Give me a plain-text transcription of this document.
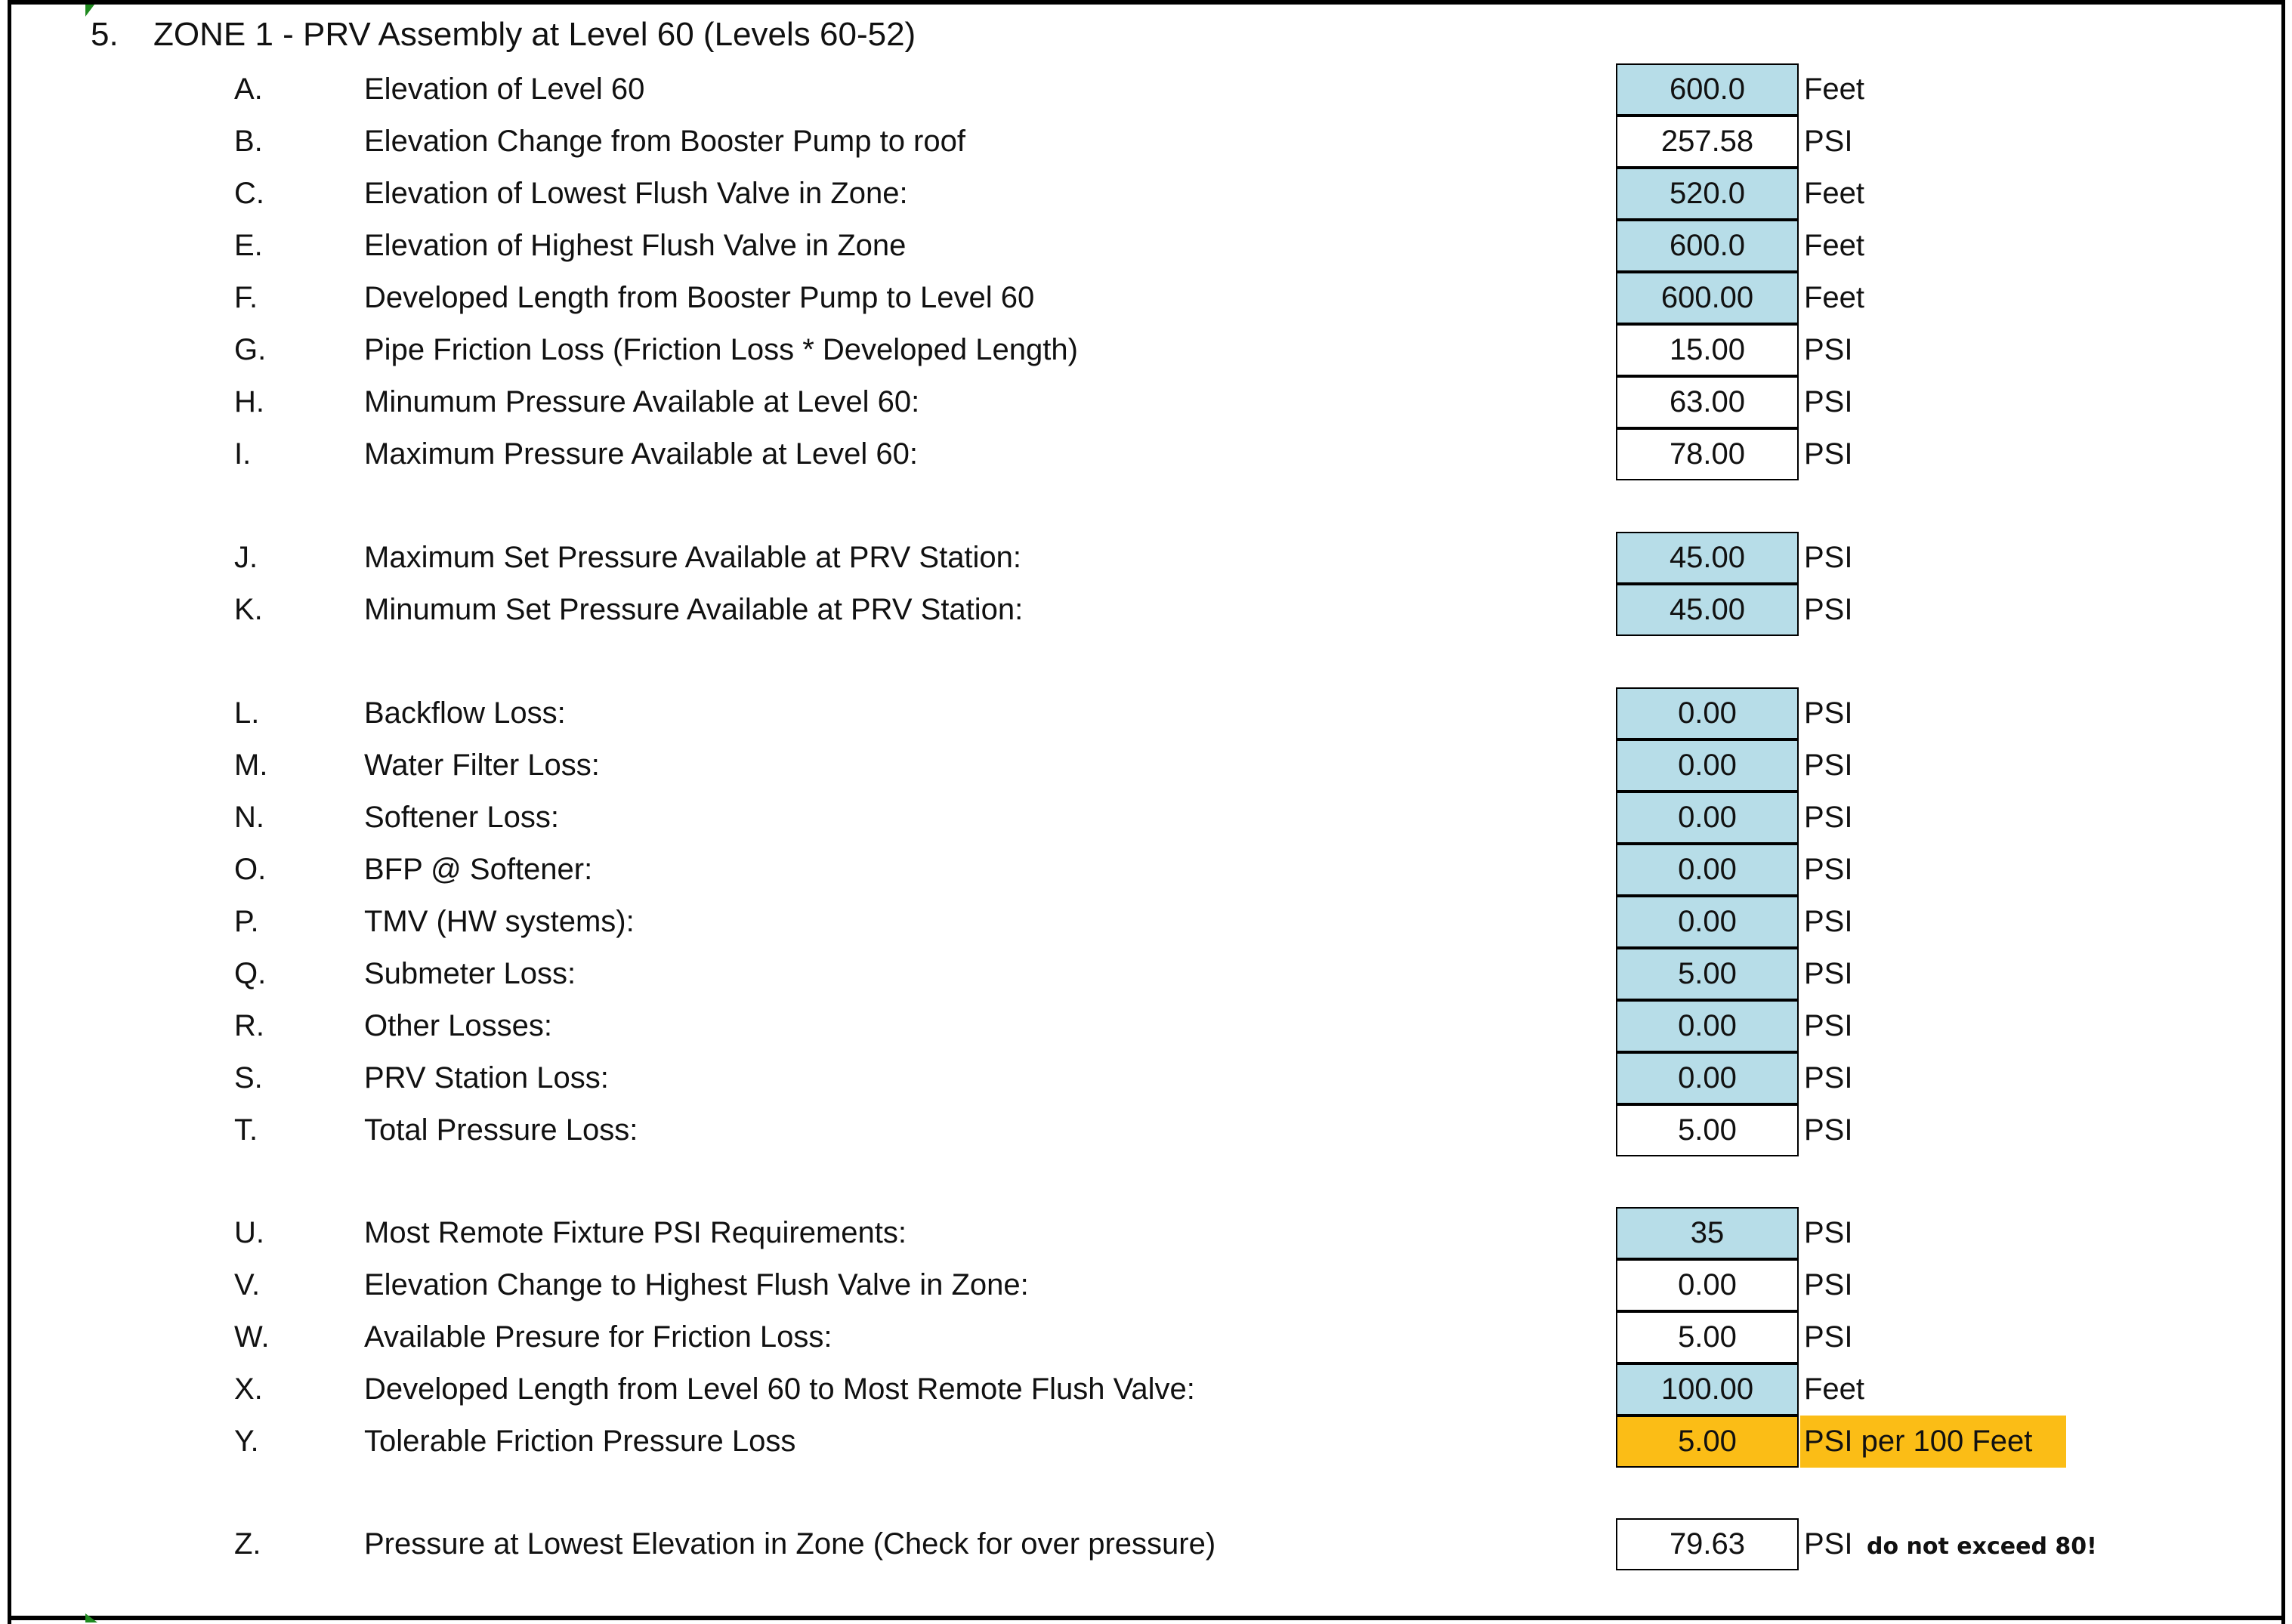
5. ZONE 1 - PRV Assembly at Level 60 (Levels 60-52)
A.	Elevation of Level 60	600.0	Feet
B.	Elevation Change from Booster Pump to roof	257.58	PSI
C.	Elevation of Lowest Flush Valve in Zone:	520.0	Feet
E.	Elevation of Highest Flush Valve in Zone	600.0	Feet
F.	Developed Length from Booster Pump to Level 60	600.00	Feet
G.	Pipe Friction Loss (Friction Loss * Developed Length)	15.00	PSI
H.	Minumum Pressure Available at Level 60:	63.00	PSI
I.	Maximum Pressure Available at Level 60:	78.00	PSI
J.	Maximum Set Pressure Available at PRV Station:	45.00	PSI
K.	Minumum Set Pressure Available at PRV Station:	45.00	PSI
L.	Backflow Loss:	0.00	PSI
M.	Water Filter Loss:	0.00	PSI
N.	Softener Loss:	0.00	PSI
O.	BFP @ Softener:	0.00	PSI
P.	TMV (HW systems):	0.00	PSI
Q.	Submeter Loss:	5.00	PSI
R.	Other Losses:	0.00	PSI
S.	PRV Station Loss:	0.00	PSI
T.	Total Pressure Loss:	5.00	PSI
U.	Most Remote Fixture PSI Requirements:	35	PSI
V.	Elevation Change to Highest Flush Valve in Zone:	0.00	PSI
W.	Available Presure for Friction Loss:	5.00	PSI
X.	Developed Length from Level 60 to Most Remote Flush Valve:	100.00	Feet
Y.	Tolerable Friction Pressure Loss	5.00	PSI per 100 Feet
Z.	Pressure at Lowest Elevation in Zone (Check for over pressure)	79.63	PSI do not exceed 80!
